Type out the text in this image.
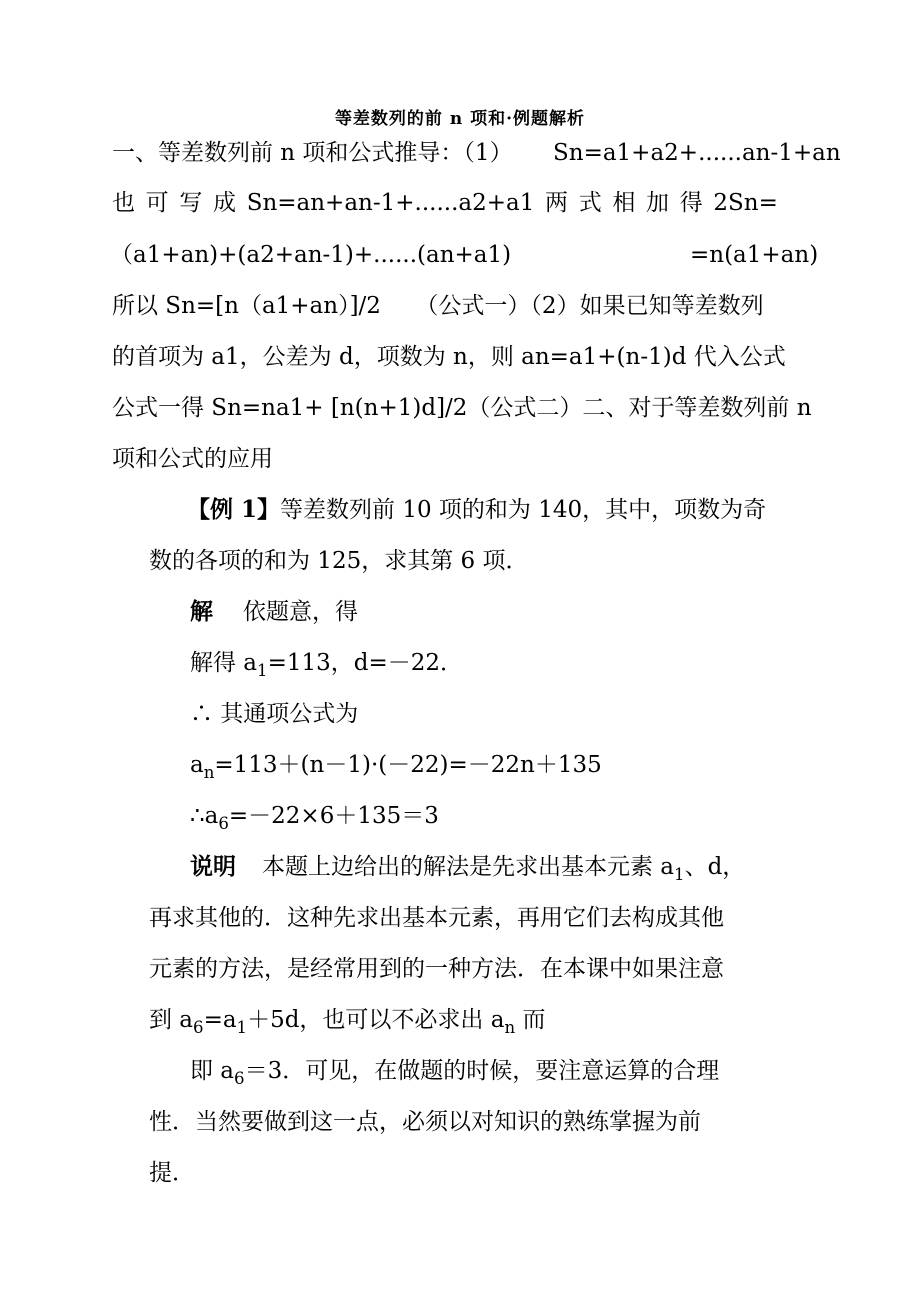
等差数列的前 n 项和·例题解析
一、等差数列前 n 项和公式推导：（1） Sn=a1+a2+......an-1+an
也 可 写 成 Sn=an+an-1+......a2+a1 两 式 相 加 得 2Sn=
（a1+an)+(a2+an-1)+......(an+a1)	=n(a1+an)
所以 Sn=[n（a1+an）]/2　　（公式一）（2）如果已知等差数列
的首项为 a1，公差为 d，项数为 n，则 an=a1+(n-1)d 代入公式
公式一得 Sn=na1+ [n(n+1)d]/2（公式二）二、对于等差数列前 n
项和公式的应用
【例 1】等差数列前 10 项的和为 140，其中，项数为奇
数的各项的和为 125，求其第 6 项．
解 依题意，得
解得 $a_1=113$，d=－22．
∴ 其通项公式为
$a_n=113+(n-1)\cdot(-22)=-22n+135$
$\therefore a_6=-22\times 6+135=3$
说明 本题上边给出的解法是先求出基本元素 $a_1$、d，
再求其他的．这种先求出基本元素，再用它们去构成其他
元素的方法，是经常用到的一种方法．在本课中如果注意
到 $a_6=a_1+5d$，也可以不必求出 $a_n$ 而
即 $a_6=3$．可见，在做题的时候，要注意运算的合理
性．当然要做到这一点，必须以对知识的熟练掌握为前
提．
